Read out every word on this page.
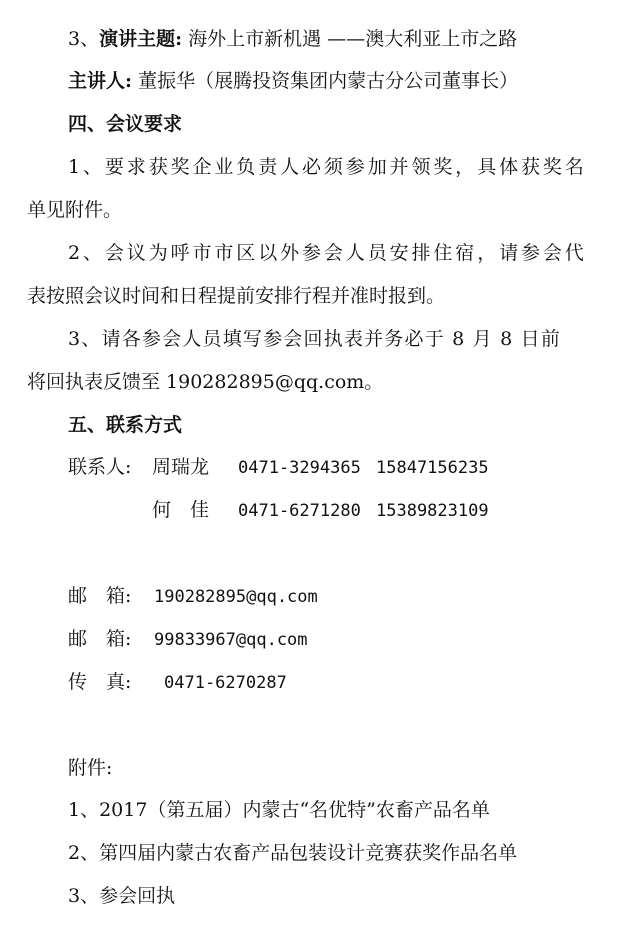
3、演讲主题: 海外上市新机遇 ——澳大利亚上市之路
主讲人: 董振华（展腾投资集团内蒙古分公司董事长）
四、会议要求
1、要求获奖企业负责人必须参加并领奖，具体获奖名
单见附件。
2、会议为呼市市区以外参会人员安排住宿，请参会代
表按照会议时间和日程提前安排行程并准时报到。
3、请各参会人员填写参会回执表并务必于 8 月 8 日前
将回执表反馈至 190282895@qq.com。
五、联系方式
联系人: 周瑞龙 0471-3294365 15847156235
何　佳 0471-6271280 15389823109
邮　箱: 190282895@qq.com
邮　箱: 99833967@qq.com
传　真: 0471-6270287
附件:
1、2017（第五届）内蒙古“名优特”农畜产品名单
2、第四届内蒙古农畜产品包装设计竞赛获奖作品名单
3、参会回执
